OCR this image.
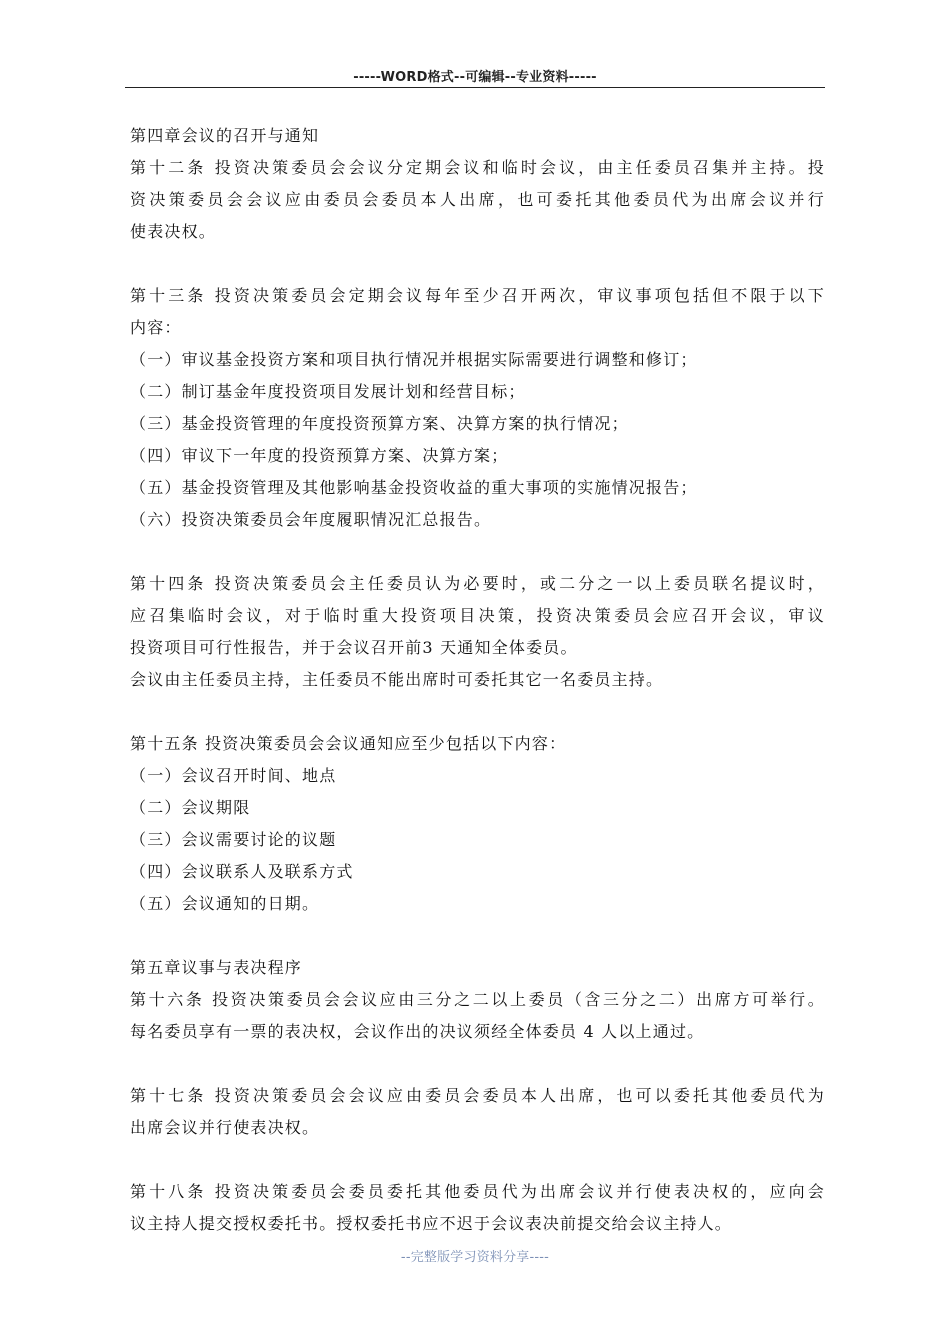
-----WORD格式--可编辑--专业资料-----
第四章会议的召开与通知
第十二条 投资决策委员会会议分定期会议和临时会议，由主任委员召集并主持。投
资决策委员会会议应由委员会委员本人出席，也可委托其他委员代为出席会议并行
使表决权。
第十三条 投资决策委员会定期会议每年至少召开两次，审议事项包括但不限于以下
内容：
（一）审议基金投资方案和项目执行情况并根据实际需要进行调整和修订；
（二）制订基金年度投资项目发展计划和经营目标；
（三）基金投资管理的年度投资预算方案、决算方案的执行情况；
（四）审议下一年度的投资预算方案、决算方案；
（五）基金投资管理及其他影响基金投资收益的重大事项的实施情况报告；
（六）投资决策委员会年度履职情况汇总报告。
第十四条 投资决策委员会主任委员认为必要时，或二分之一以上委员联名提议时，
应召集临时会议，对于临时重大投资项目决策，投资决策委员会应召开会议，审议
投资项目可行性报告，并于会议召开前3 天通知全体委员。
会议由主任委员主持，主任委员不能出席时可委托其它一名委员主持。
第十五条 投资决策委员会会议通知应至少包括以下内容：
（一）会议召开时间、地点
（二）会议期限
（三）会议需要讨论的议题
（四）会议联系人及联系方式
（五）会议通知的日期。
第五章议事与表决程序
第十六条 投资决策委员会会议应由三分之二以上委员（含三分之二）出席方可举行。
每名委员享有一票的表决权，会议作出的决议须经全体委员 4 人以上通过。
第十七条 投资决策委员会会议应由委员会委员本人出席，也可以委托其他委员代为
出席会议并行使表决权。
第十八条 投资决策委员会委员委托其他委员代为出席会议并行使表决权的，应向会
议主持人提交授权委托书。授权委托书应不迟于会议表决前提交给会议主持人。
--完整版学习资料分享----
